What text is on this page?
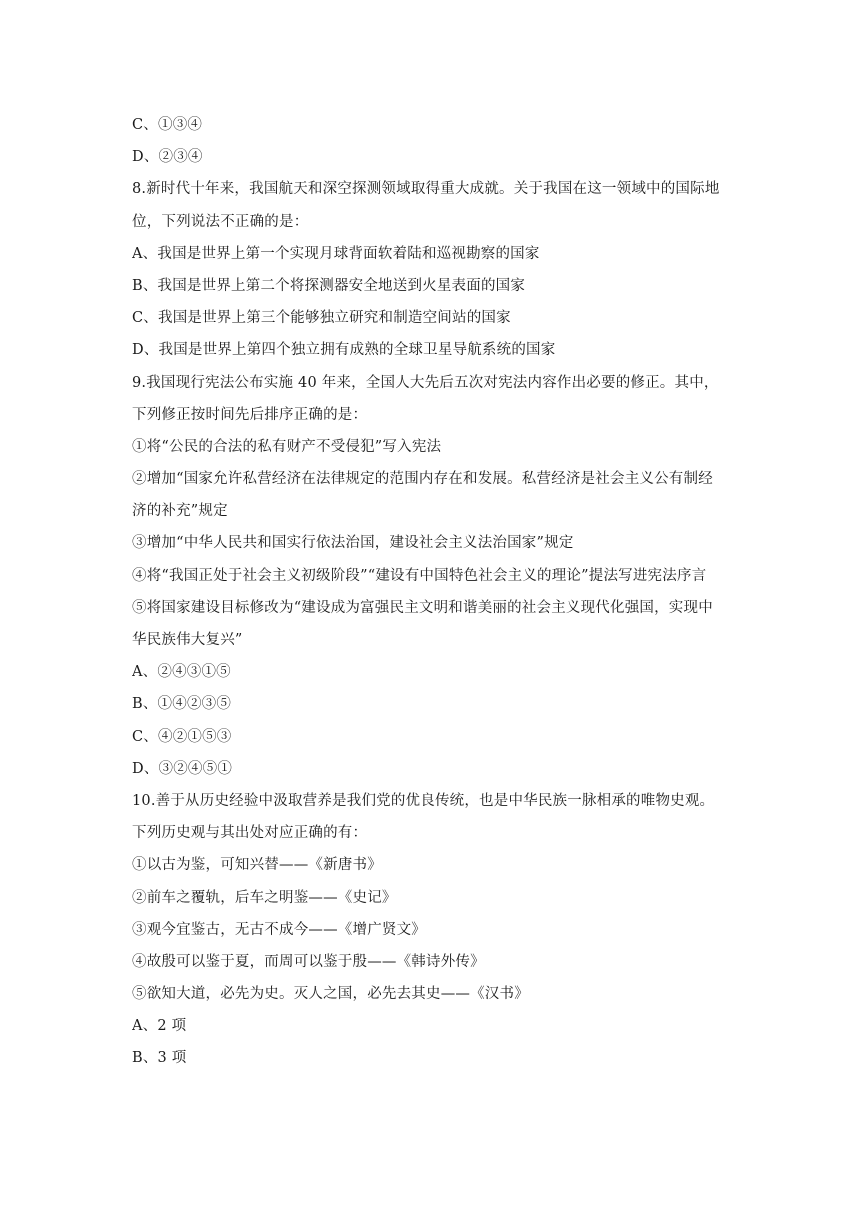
C、①③④
D、②③④
8.新时代十年来，我国航天和深空探测领域取得重大成就。关于我国在这一领域中的国际地
位，下列说法不正确的是：
A、我国是世界上第一个实现月球背面软着陆和巡视勘察的国家
B、我国是世界上第二个将探测器安全地送到火星表面的国家
C、我国是世界上第三个能够独立研究和制造空间站的国家
D、我国是世界上第四个独立拥有成熟的全球卫星导航系统的国家
9.我国现行宪法公布实施 40 年来，全国人大先后五次对宪法内容作出必要的修正。其中，
下列修正按时间先后排序正确的是：
①将“公民的合法的私有财产不受侵犯”写入宪法
②增加“国家允许私营经济在法律规定的范围内存在和发展。私营经济是社会主义公有制经
济的补充”规定
③增加“中华人民共和国实行依法治国，建设社会主义法治国家”规定
④将“我国正处于社会主义初级阶段”“建设有中国特色社会主义的理论”提法写进宪法序言
⑤将国家建设目标修改为“建设成为富强民主文明和谐美丽的社会主义现代化强国，实现中
华民族伟大复兴”
A、②④③①⑤
B、①④②③⑤
C、④②①⑤③
D、③②④⑤①
10.善于从历史经验中汲取营养是我们党的优良传统，也是中华民族一脉相承的唯物史观。
下列历史观与其出处对应正确的有：
①以古为鉴，可知兴替——《新唐书》
②前车之覆轨，后车之明鉴——《史记》
③观今宜鉴古，无古不成今——《增广贤文》
④故殷可以鉴于夏，而周可以鉴于殷——《韩诗外传》
⑤欲知大道，必先为史。灭人之国，必先去其史——《汉书》
A、2 项
B、3 项
